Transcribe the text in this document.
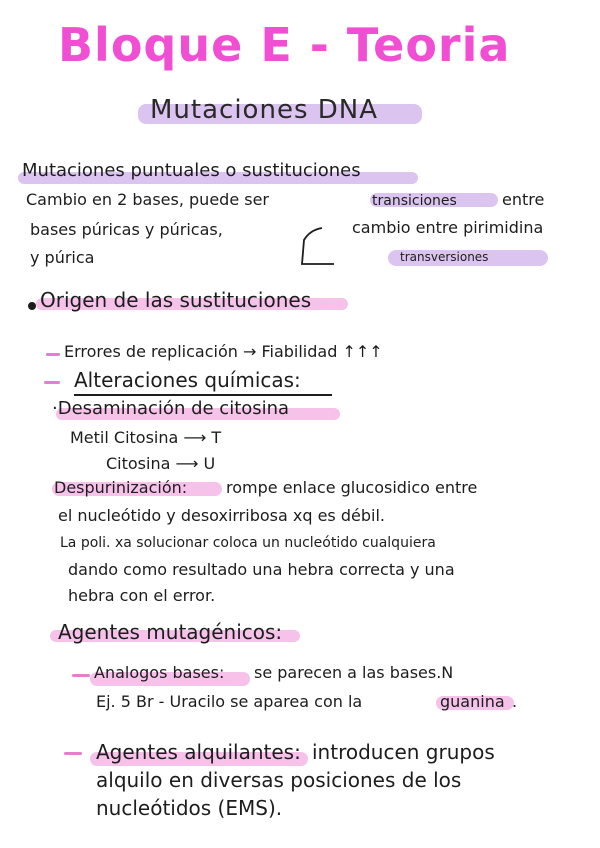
Bloque E - Teoria
Mutaciones DNA
Mutaciones puntuales o sustituciones
Cambio en 2 bases, puede ser	transiciones	entre
bases púricas y púricas,
y púrica
cambio entre pirimidina
transversiones
Origen de las sustituciones
Errores de replicación → Fiabilidad ↑↑↑
Alteraciones químicas:
·Desaminación de citosina
Metil Citosina ⟶ T
Citosina ⟶ U
Despurinización: rompe enlace glucosidico entre
el nucleótido y desoxirribosa xq es débil.
La poli. xa solucionar coloca un nucleótido cualquiera
dando como resultado una hebra correcta y una
hebra con el error.
Agentes mutagénicos:
Analogos bases: se parecen a las bases.N
Ej. 5 Br - Uracilo se aparea con la	guanina .
Agentes alquilantes: introducen grupos
alquilo en diversas posiciones de los
nucleótidos (EMS).
